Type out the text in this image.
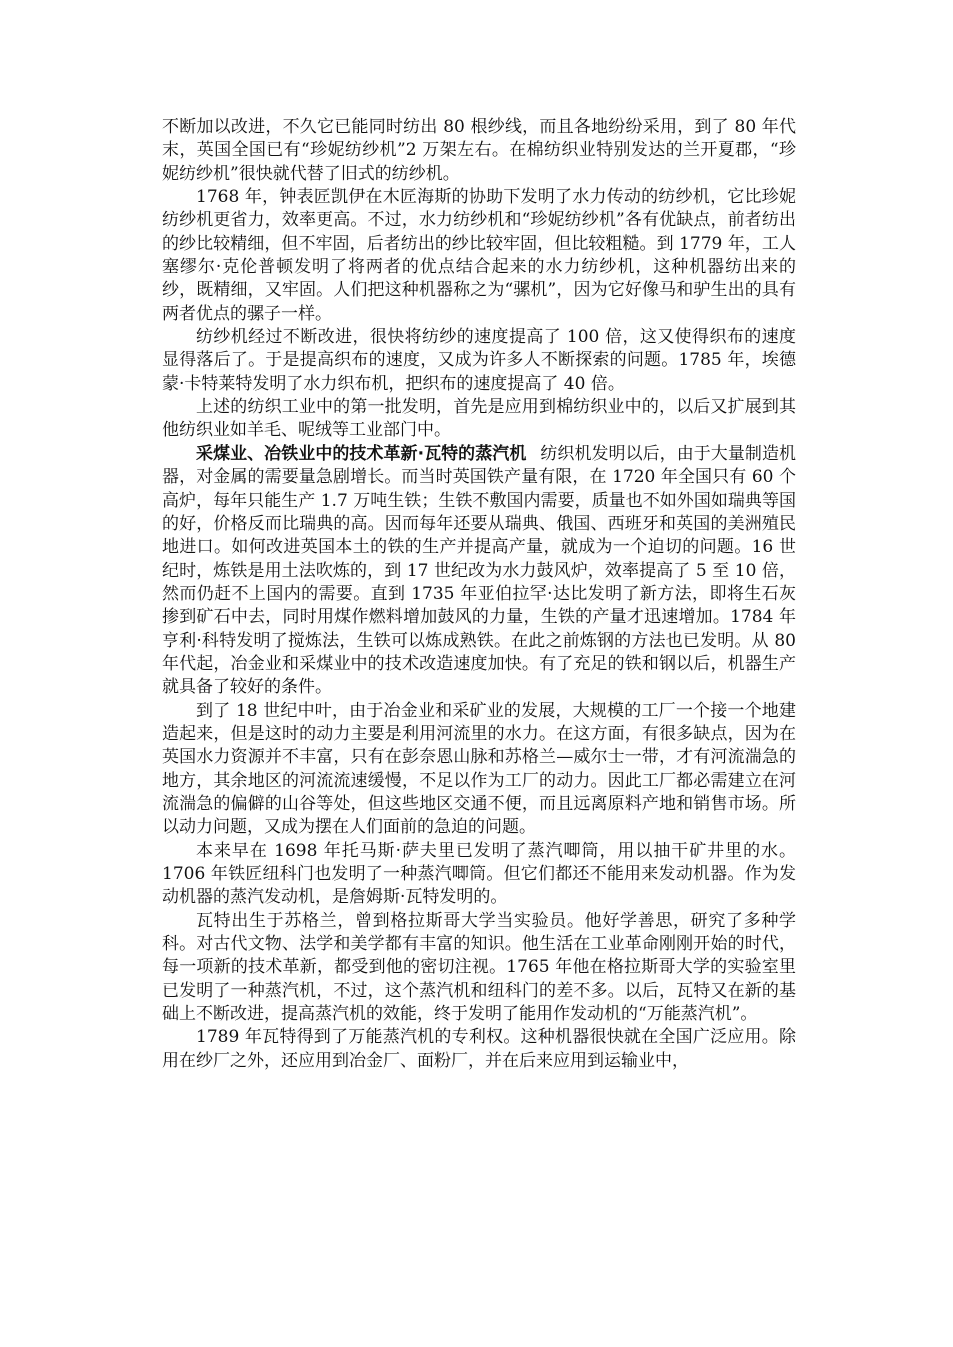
不断加以改进，不久它已能同时纺出 80 根纱线，而且各地纷纷采用，到了 80 年代末，英国全国已有“珍妮纺纱机”2 万架左右。在棉纺织业特别发达的兰开夏郡，“珍妮纺纱机”很快就代替了旧式的纺纱机。

1768 年，钟表匠凯伊在木匠海斯的协助下发明了水力传动的纺纱机，它比珍妮纺纱机更省力，效率更高。不过，水力纺纱机和“珍妮纺纱机”各有优缺点，前者纺出的纱比较精细，但不牢固，后者纺出的纱比较牢固，但比较粗糙。到 1779 年，工人塞缪尔·克伦普顿发明了将两者的优点结合起来的水力纺纱机，这种机器纺出来的纱，既精细，又牢固。人们把这种机器称之为“骡机”，因为它好像马和驴生出的具有两者优点的骡子一样。

纺纱机经过不断改进，很快将纺纱的速度提高了 100 倍，这又使得织布的速度显得落后了。于是提高织布的速度，又成为许多人不断探索的问题。1785 年，埃德蒙·卡特莱特发明了水力织布机，把织布的速度提高了 40 倍。

上述的纺织工业中的第一批发明，首先是应用到棉纺织业中的，以后又扩展到其他纺织业如羊毛、呢绒等工业部门中。

采煤业、冶铁业中的技术革新·瓦特的蒸汽机 纺织机发明以后，由于大量制造机器，对金属的需要量急剧增长。而当时英国铁产量有限，在 1720 年全国只有 60 个高炉，每年只能生产 1.7 万吨生铁；生铁不敷国内需要，质量也不如外国如瑞典等国的好，价格反而比瑞典的高。因而每年还要从瑞典、俄国、西班牙和英国的美洲殖民地进口。如何改进英国本土的铁的生产并提高产量，就成为一个迫切的问题。16 世纪时，炼铁是用土法吹炼的，到 17 世纪改为水力鼓风炉，效率提高了 5 至 10 倍，然而仍赶不上国内的需要。直到 1735 年亚伯拉罕·达比发明了新方法，即将生石灰掺到矿石中去，同时用煤作燃料增加鼓风的力量，生铁的产量才迅速增加。1784 年亨利·科特发明了搅炼法，生铁可以炼成熟铁。在此之前炼钢的方法也已发明。从 80 年代起，冶金业和采煤业中的技术改造速度加快。有了充足的铁和钢以后，机器生产就具备了较好的条件。

到了 18 世纪中叶，由于冶金业和采矿业的发展，大规模的工厂一个接一个地建造起来，但是这时的动力主要是利用河流里的水力。在这方面，有很多缺点，因为在英国水力资源并不丰富，只有在彭奈恩山脉和苏格兰—威尔士一带，才有河流湍急的地方，其余地区的河流流速缓慢，不足以作为工厂的动力。因此工厂都必需建立在河流湍急的偏僻的山谷等处，但这些地区交通不便，而且远离原料产地和销售市场。所以动力问题，又成为摆在人们面前的急迫的问题。

本来早在 1698 年托马斯·萨夫里已发明了蒸汽唧筒，用以抽干矿井里的水。1706 年铁匠纽科门也发明了一种蒸汽唧筒。但它们都还不能用来发动机器。作为发动机器的蒸汽发动机，是詹姆斯·瓦特发明的。

瓦特出生于苏格兰，曾到格拉斯哥大学当实验员。他好学善思，研究了多种学科。对古代文物、法学和美学都有丰富的知识。他生活在工业革命刚刚开始的时代，每一项新的技术革新，都受到他的密切注视。1765 年他在格拉斯哥大学的实验室里已发明了一种蒸汽机，不过，这个蒸汽机和纽科门的差不多。以后，瓦特又在新的基础上不断改进，提高蒸汽机的效能，终于发明了能用作发动机的“万能蒸汽机”。

1789 年瓦特得到了万能蒸汽机的专利权。这种机器很快就在全国广泛应用。除用在纱厂之外，还应用到冶金厂、面粉厂，并在后来应用到运输业中，
